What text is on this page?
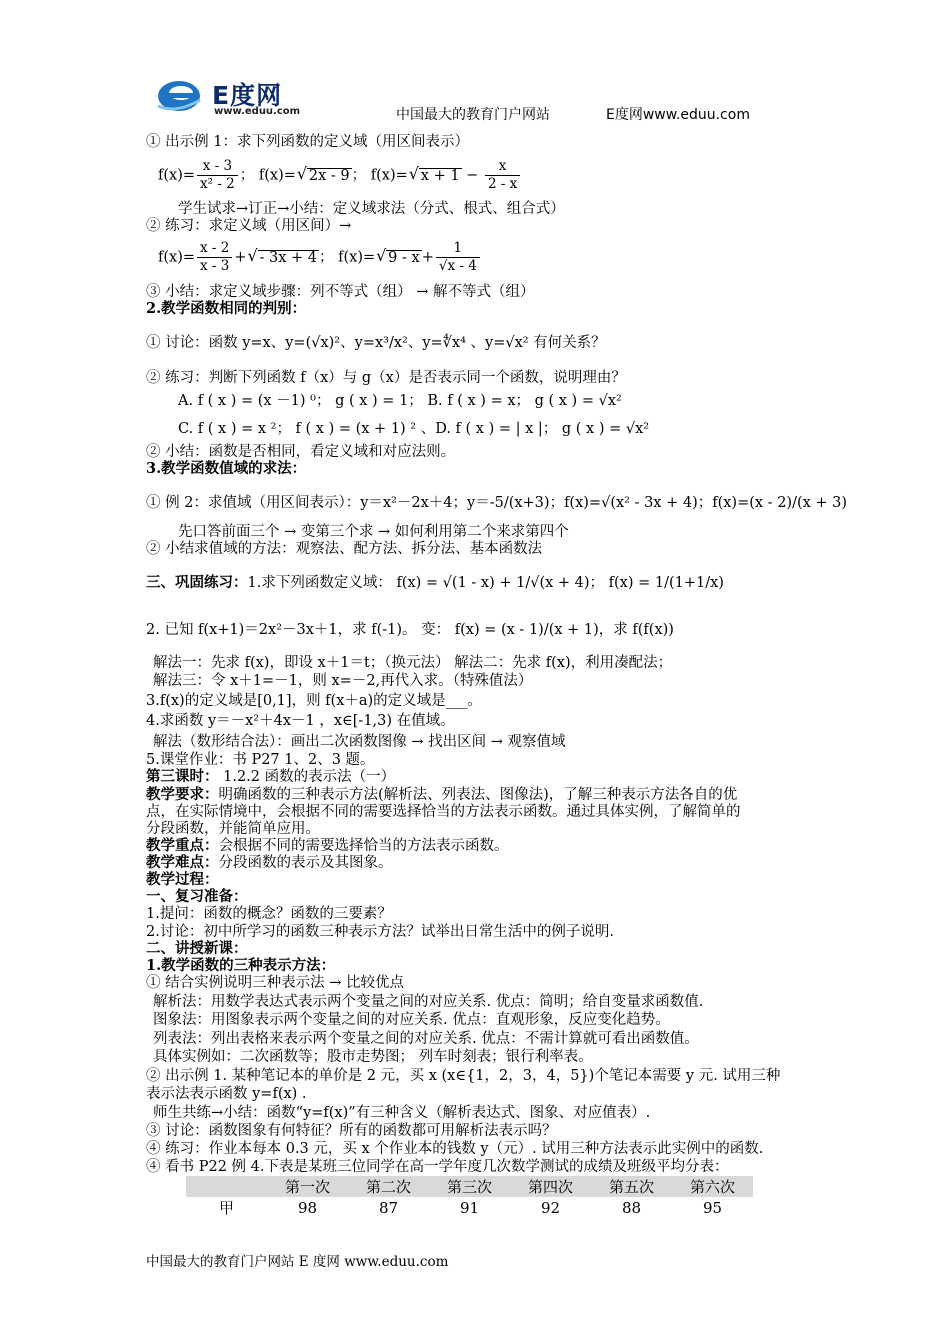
E度网
www.eduu.com	中国最大的教育门户网站	E度网www.eduu.com
① 出示例 1：求下列函数的定义域（用区间表示）
$f(x)= \frac{x - 3}{\text{x² - 2}}$ ； f(x)= √ 2x - 9 ； f(x)= √ $x + 1 - \frac{x}{2 - x}$
学生试求→订正→小结：定义域求法（分式、根式、组合式）
② 练习：求定义域（用区间）→
$f(x)= \frac{x - 2}{x - 3}$ + √ - 3x + 4 ； f(x)= √ $9 - x + \frac{1}{√x - 4}$
③ 小结：求定义域步骤：列不等式（组） → 解不等式（组）
2.教学函数相同的判别：
① 讨论：函数 y=x、y=(√x)²、y=x³/x²、y=∜x⁴ 、y=√x² 有何关系？
② 练习：判断下列函数 f（x）与 g（x）是否表示同一个函数，说明理由？
A. f ( x ) = (x －1) ⁰； g ( x ) = 1； B. f ( x ) = x； g ( x ) = √x²
C. f ( x ) = x ²； f ( x ) = (x + 1) ² 、D. f ( x ) = | x |； g ( x ) = √x²
② 小结：函数是否相同，看定义域和对应法则。
3.教学函数值域的求法：
① 例 2：求值域（用区间表示）：y＝x²－2x＋4；y＝-5/(x+3)；f(x)=√(x² - 3x + 4)；f(x)=(x - 2)/(x + 3)
先口答前面三个 → 变第三个求 → 如何利用第二个来求第四个
② 小结求值域的方法：观察法、配方法、拆分法、基本函数法
三、巩固练习：1.求下列函数定义域： f(x) = √(1 - x) + 1/√(x + 4)； f(x) = 1/(1+1/x)
2. 已知 f(x+1)＝2x²－3x＋1，求 f(-1)。 变： f(x) = (x - 1)/(x + 1)，求 f(f(x))
解法一：先求 f(x)，即设 x＋1＝t；（换元法） 解法二：先求 f(x)，利用凑配法；
解法三：令 x＋1=－1，则 x=－2,再代入求。（特殊值法）
3.f(x)的定义域是[0,1]，则 f(x＋a)的定义域是___。
4.求函数 y＝－x²＋4x－1 ，x∈[-1,3) 在值域。
解法（数形结合法）：画出二次函数图像 → 找出区间 → 观察值域
5.课堂作业：书 P27 1、2、3 题。
第三课时： 1.2.2 函数的表示法（一）
教学要求：明确函数的三种表示方法(解析法、列表法、图像法)，了解三种表示方法各自的优
点，在实际情境中，会根据不同的需要选择恰当的方法表示函数。通过具体实例，了解简单的
分段函数，并能简单应用。
教学重点：会根据不同的需要选择恰当的方法表示函数。
教学难点：分段函数的表示及其图象。
教学过程：
一、复习准备：
1.提问：函数的概念？函数的三要素？
2.讨论：初中所学习的函数三种表示方法？试举出日常生活中的例子说明.
二、讲授新课：
1.教学函数的三种表示方法：
① 结合实例说明三种表示法 → 比较优点
解析法：用数学表达式表示两个变量之间的对应关系. 优点：简明；给自变量求函数值.
图象法：用图象表示两个变量之间的对应关系. 优点：直观形象，反应变化趋势。
列表法：列出表格来表示两个变量之间的对应关系. 优点：不需计算就可看出函数值。
具体实例如：二次函数等；股市走势图； 列车时刻表；银行利率表。
② 出示例 1. 某种笔记本的单价是 2 元，买 x (x∈{1，2，3，4，5})个笔记本需要 y 元. 试用三种
表示法表示函数 y=f(x) .
师生共练→小结：函数“y=f(x)”有三种含义（解析表达式、图象、对应值表）.
③ 讨论：函数图象有何特征？所有的函数都可用解析法表示吗？
④ 练习：作业本每本 0.3 元，买 x 个作业本的钱数 y（元）. 试用三种方法表示此实例中的函数.
④ 看书 P22 例 4.下表是某班三位同学在高一学年度几次数学测试的成绩及班级平均分表：
	第一次	第二次	第三次	第四次	第五次	第六次
甲	98	87	91	92	88	95
中国最大的教育门户网站 E 度网 www.eduu.com
